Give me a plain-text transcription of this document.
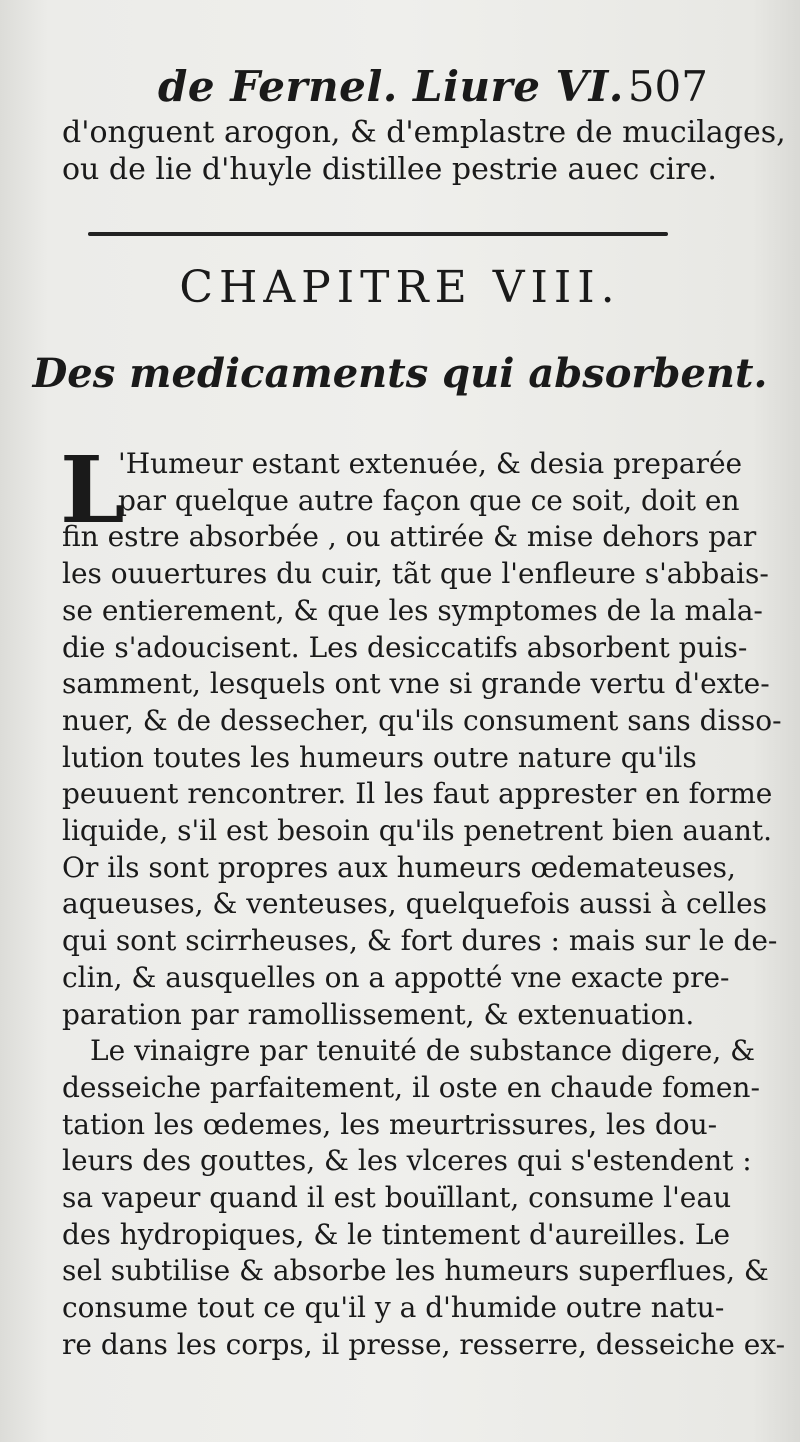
de Fernel. Liure VI. 507
d'onguent arogon, & d'emplastre de mucilages,
ou de lie d'huyle distillee pestrie auec cire.
CHAPITRE VIII.
Des medicaments qui absorbent.
L
'Humeur estant extenuée, & desia preparée
par quelque autre façon que ce soit, doit en
fin estre absorbée , ou attirée & mise dehors par
les ouuertures du cuir, tãt que l'enfleure s'abbais-
se entierement, & que les symptomes de la mala-
die s'adoucisent. Les desiccatifs absorbent puis-
samment, lesquels ont vne si grande vertu d'exte-
nuer, & de dessecher, qu'ils consument sans disso-
lution toutes les humeurs outre nature qu'ils
peuuent rencontrer. Il les faut apprester en forme
liquide, s'il est besoin qu'ils penetrent bien auant.
Or ils sont propres aux humeurs œdemateuses,
aqueuses, & venteuses, quelquefois aussi à celles
qui sont scirrheuses, & fort dures : mais sur le de-
clin, & ausquelles on a appotté vne exacte pre-
paration par ramollissement, & extenuation.
Le vinaigre par tenuité de substance digere, &
desseiche parfaitement, il oste en chaude fomen-
tation les œdemes, les meurtrissures, les dou-
leurs des gouttes, & les vlceres qui s'estendent :
sa vapeur quand il est bouïllant, consume l'eau
des hydropiques, & le tintement d'aureilles. Le
sel subtilise & absorbe les humeurs superflues, &
consume tout ce qu'il y a d'humide outre natu-
re dans les corps, il presse, resserre, desseiche ex-
